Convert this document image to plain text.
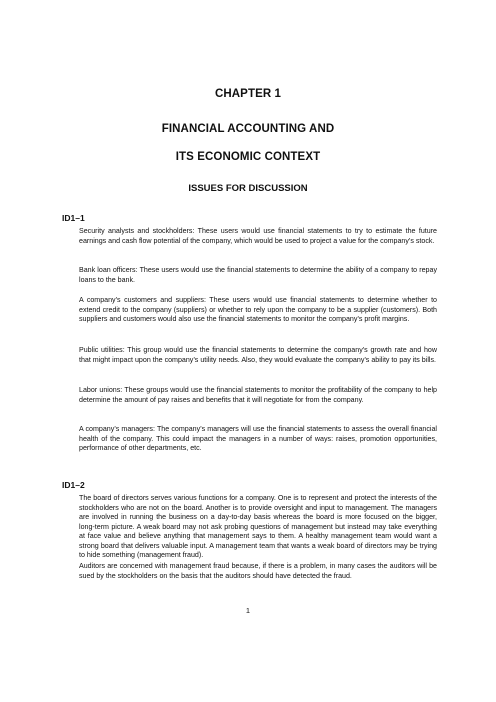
CHAPTER 1
FINANCIAL ACCOUNTING AND
ITS ECONOMIC CONTEXT
ISSUES FOR DISCUSSION
ID1–1
Security analysts and stockholders: These users would use financial statements to try to estimate the future earnings and cash flow potential of the company, which would be used to project a value for the company’s stock.
Bank loan officers: These users would use the financial statements to determine the ability of a company to repay loans to the bank.
A company’s customers and suppliers: These users would use financial statements to determine whether to extend credit to the company (suppliers) or whether to rely upon the company to be a supplier (customers). Both suppliers and customers would also use the financial statements to monitor the company’s profit margins.
Public utilities: This group would use the financial statements to determine the company’s growth rate and how that might impact upon the company’s utility needs. Also, they would evaluate the company’s ability to pay its bills.
Labor unions: These groups would use the financial statements to monitor the profitability of the company to help determine the amount of pay raises and benefits that it will negotiate for from the company.
A company’s managers: The company’s managers will use the financial statements to assess the overall financial health of the company. This could impact the managers in a number of ways: raises, promotion opportunities, performance of other departments, etc.
ID1–2
The board of directors serves various functions for a company. One is to represent and protect the interests of the stockholders who are not on the board. Another is to provide oversight and input to management. The managers are involved in running the business on a day-to-day basis whereas the board is more focused on the bigger, long-term picture. A weak board may not ask probing questions of management but instead may take everything at face value and believe anything that management says to them. A healthy management team would want a strong board that delivers valuable input. A management team that wants a weak board of directors may be trying to hide something (management fraud).
Auditors are concerned with management fraud because, if there is a problem, in many cases the auditors will be sued by the stockholders on the basis that the auditors should have detected the fraud.
1
